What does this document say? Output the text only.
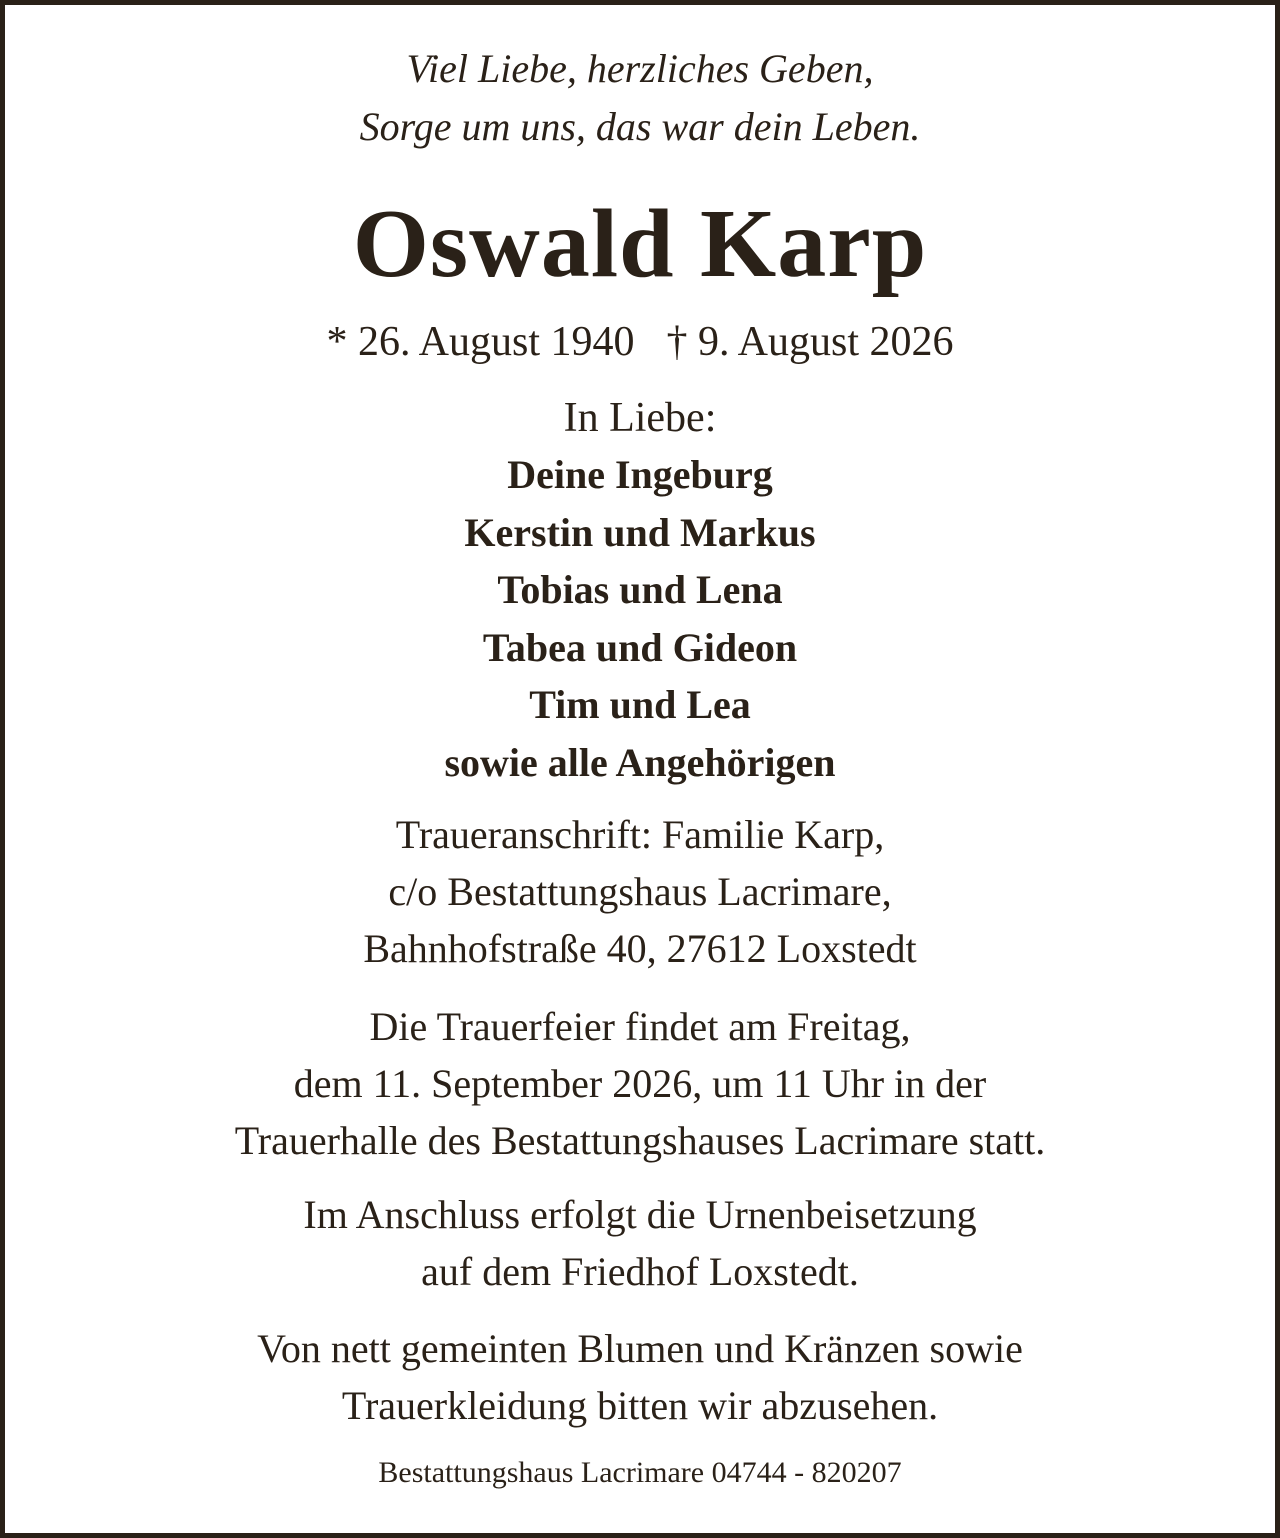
Viel Liebe, herzliches Geben,
Sorge um uns, das war dein Leben.
Oswald Karp
* 26. August 1940 † 9. August 2026
In Liebe:
Deine Ingeburg
Kerstin und Markus
Tobias und Lena
Tabea und Gideon
Tim und Lea
sowie alle Angehörigen
Traueranschrift: Familie Karp,
c/o Bestattungshaus Lacrimare,
Bahnhofstraße 40, 27612 Loxstedt
Die Trauerfeier findet am Freitag,
dem 11. September 2026, um 11 Uhr in der
Trauerhalle des Bestattungshauses Lacrimare statt.
Im Anschluss erfolgt die Urnenbeisetzung
auf dem Friedhof Loxstedt.
Von nett gemeinten Blumen und Kränzen sowie
Trauerkleidung bitten wir abzusehen.
Bestattungshaus Lacrimare 04744 - 820207
